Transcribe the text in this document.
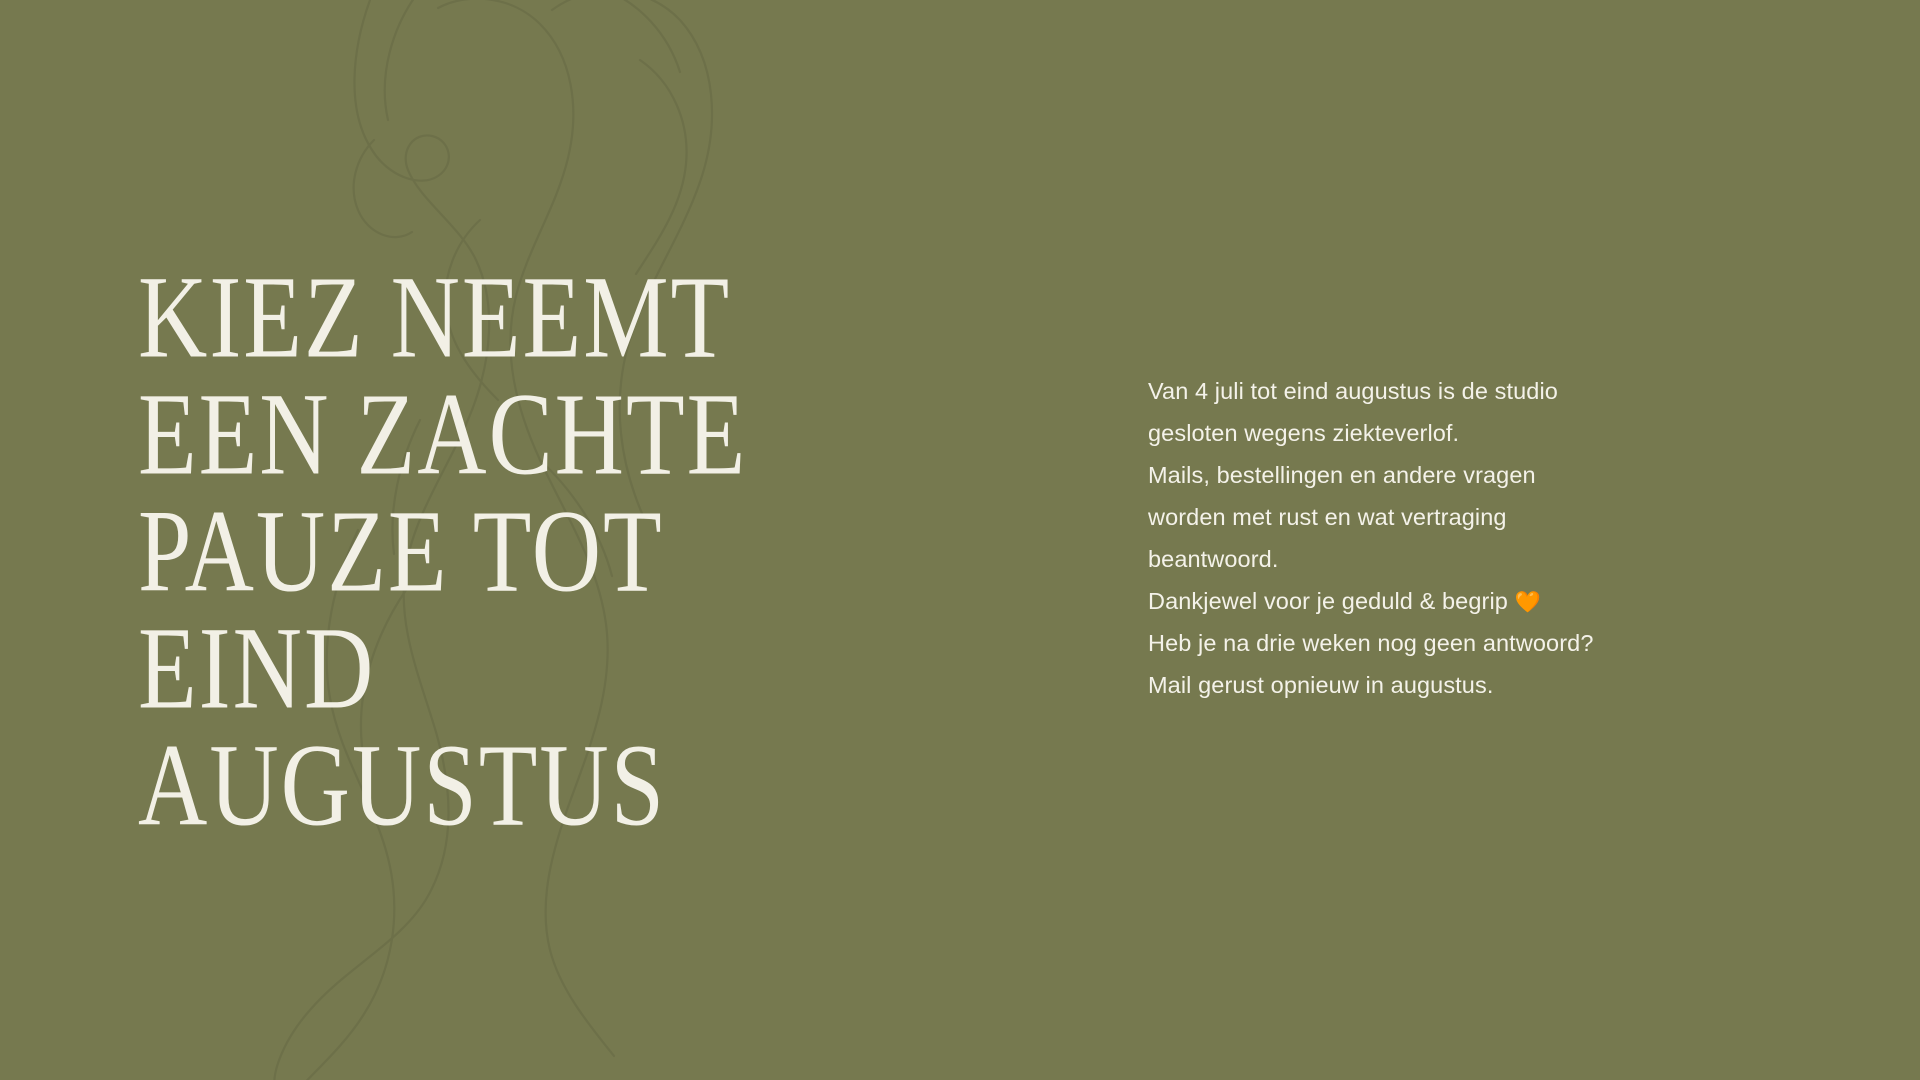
KIEZ NEEMT
EEN ZACHTE
PAUZE TOT
EIND
AUGUSTUS

Van 4 juli tot eind augustus is de studio

gesloten wegens ziekteverlof.

Mails, bestellingen en andere vragen

worden met rust en wat vertraging

beantwoord.

Dankjewel voor je geduld & begrip 🧡

Heb je na drie weken nog geen antwoord?

Mail gerust opnieuw in augustus.
